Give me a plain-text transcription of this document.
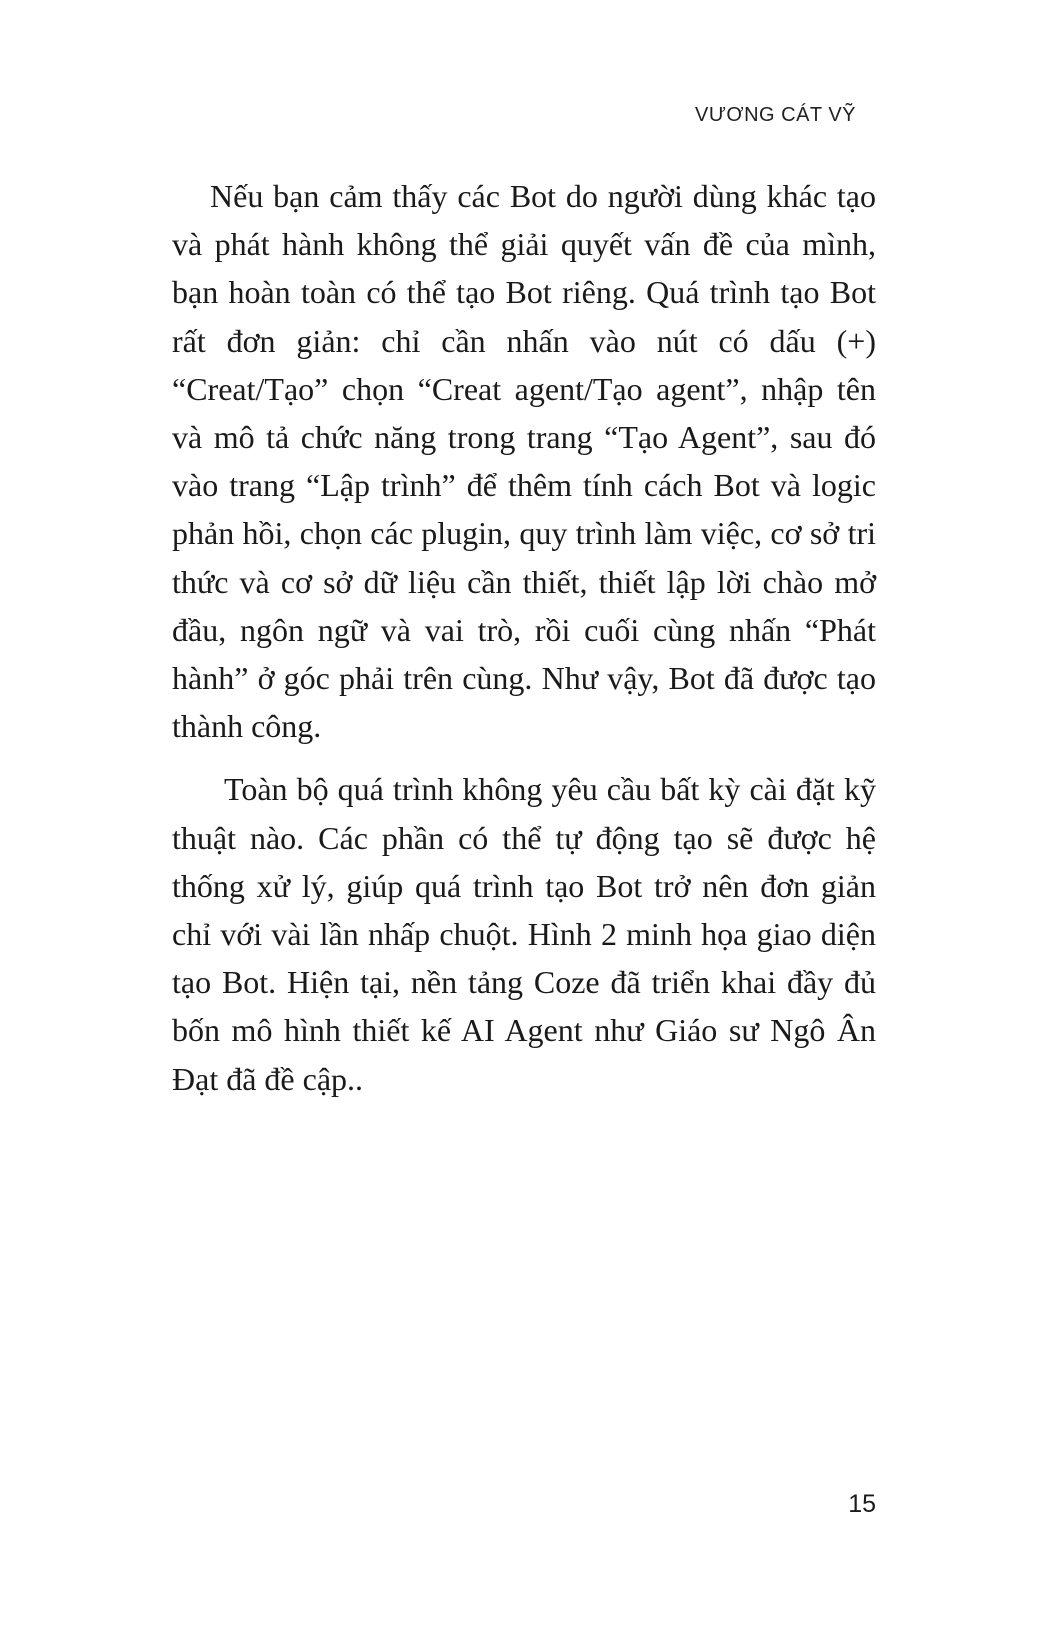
VƯƠNG CÁT VỸ

Nếu bạn cảm thấy các Bot do người dùng khác tạo và phát hành không thể giải quyết vấn đề của mình, bạn hoàn toàn có thể tạo Bot riêng. Quá trình tạo Bot rất đơn giản: chỉ cần nhấn vào nút có dấu (+) “Creat/Tạo” chọn “Creat agent/Tạo agent”, nhập tên và mô tả chức năng trong trang “Tạo Agent”, sau đó vào trang “Lập trình” để thêm tính cách Bot và logic phản hồi, chọn các plugin, quy trình làm việc, cơ sở tri thức và cơ sở dữ liệu cần thiết, thiết lập lời chào mở đầu, ngôn ngữ và vai trò, rồi cuối cùng nhấn “Phát hành” ở góc phải trên cùng. Như vậy, Bot đã được tạo thành công.

Toàn bộ quá trình không yêu cầu bất kỳ cài đặt kỹ thuật nào. Các phần có thể tự động tạo sẽ được hệ thống xử lý, giúp quá trình tạo Bot trở nên đơn giản chỉ với vài lần nhấp chuột. Hình 2 minh họa giao diện tạo Bot. Hiện tại, nền tảng Coze đã triển khai đầy đủ bốn mô hình thiết kế AI Agent như Giáo sư Ngô Ân Đạt đã đề cập..

15
